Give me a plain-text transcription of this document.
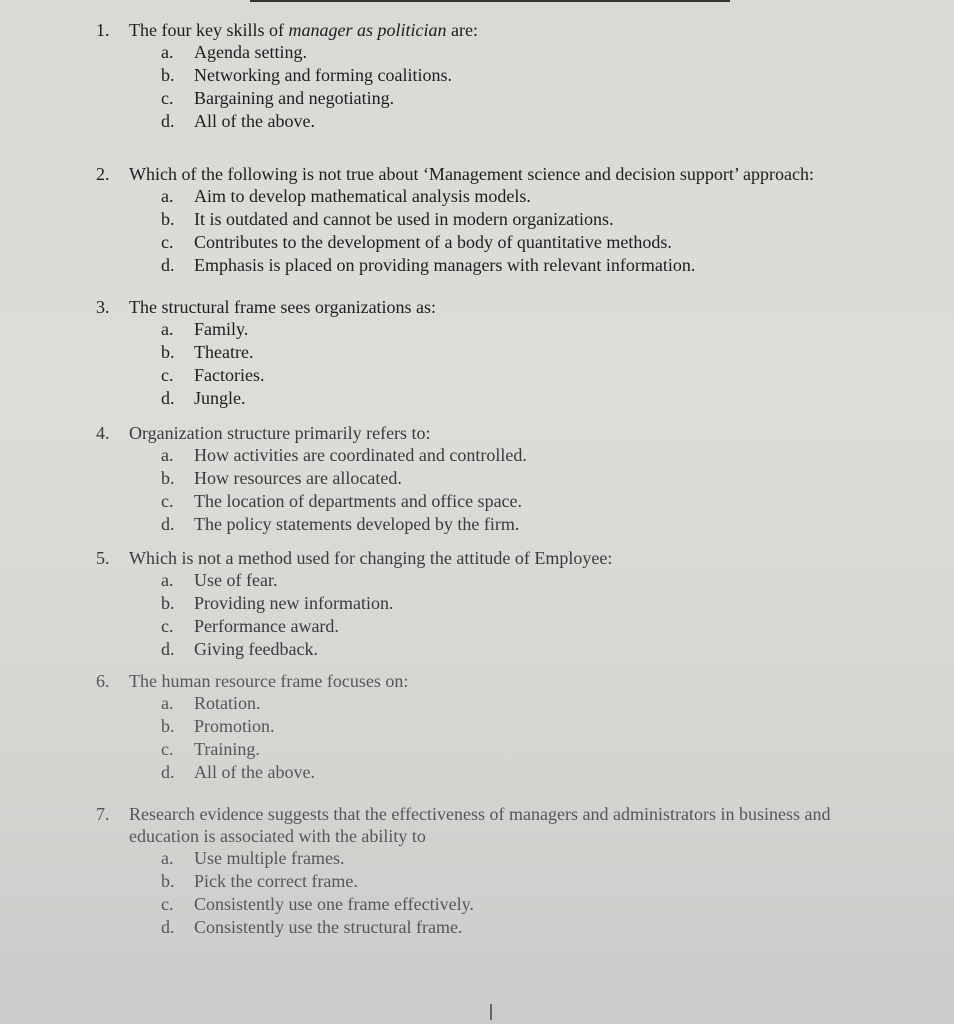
1.	The four key skills of manager as politician are:
a.	Agenda setting.
b.	Networking and forming coalitions.
c.	Bargaining and negotiating.
d.	All of the above.
2.	Which of the following is not true about ‘Management science and decision support’ approach:
a.	Aim to develop mathematical analysis models.
b.	It is outdated and cannot be used in modern organizations.
c.	Contributes to the development of a body of quantitative methods.
d.	Emphasis is placed on providing managers with relevant information.
3.	The structural frame sees organizations as:
a.	Family.
b.	Theatre.
c.	Factories.
d.	Jungle.
4.	Organization structure primarily refers to:
a.	How activities are coordinated and controlled.
b.	How resources are allocated.
c.	The location of departments and office space.
d.	The policy statements developed by the firm.
5.	Which is not a method used for changing the attitude of Employee:
a.	Use of fear.
b.	Providing new information.
c.	Performance award.
d.	Giving feedback.
6.	The human resource frame focuses on:
a.	Rotation.
b.	Promotion.
c.	Training.
d.	All of the above.
7.	Research evidence suggests that the effectiveness of managers and administrators in business and education is associated with the ability to
a.	Use multiple frames.
b.	Pick the correct frame.
c.	Consistently use one frame effectively.
d.	Consistently use the structural frame.
